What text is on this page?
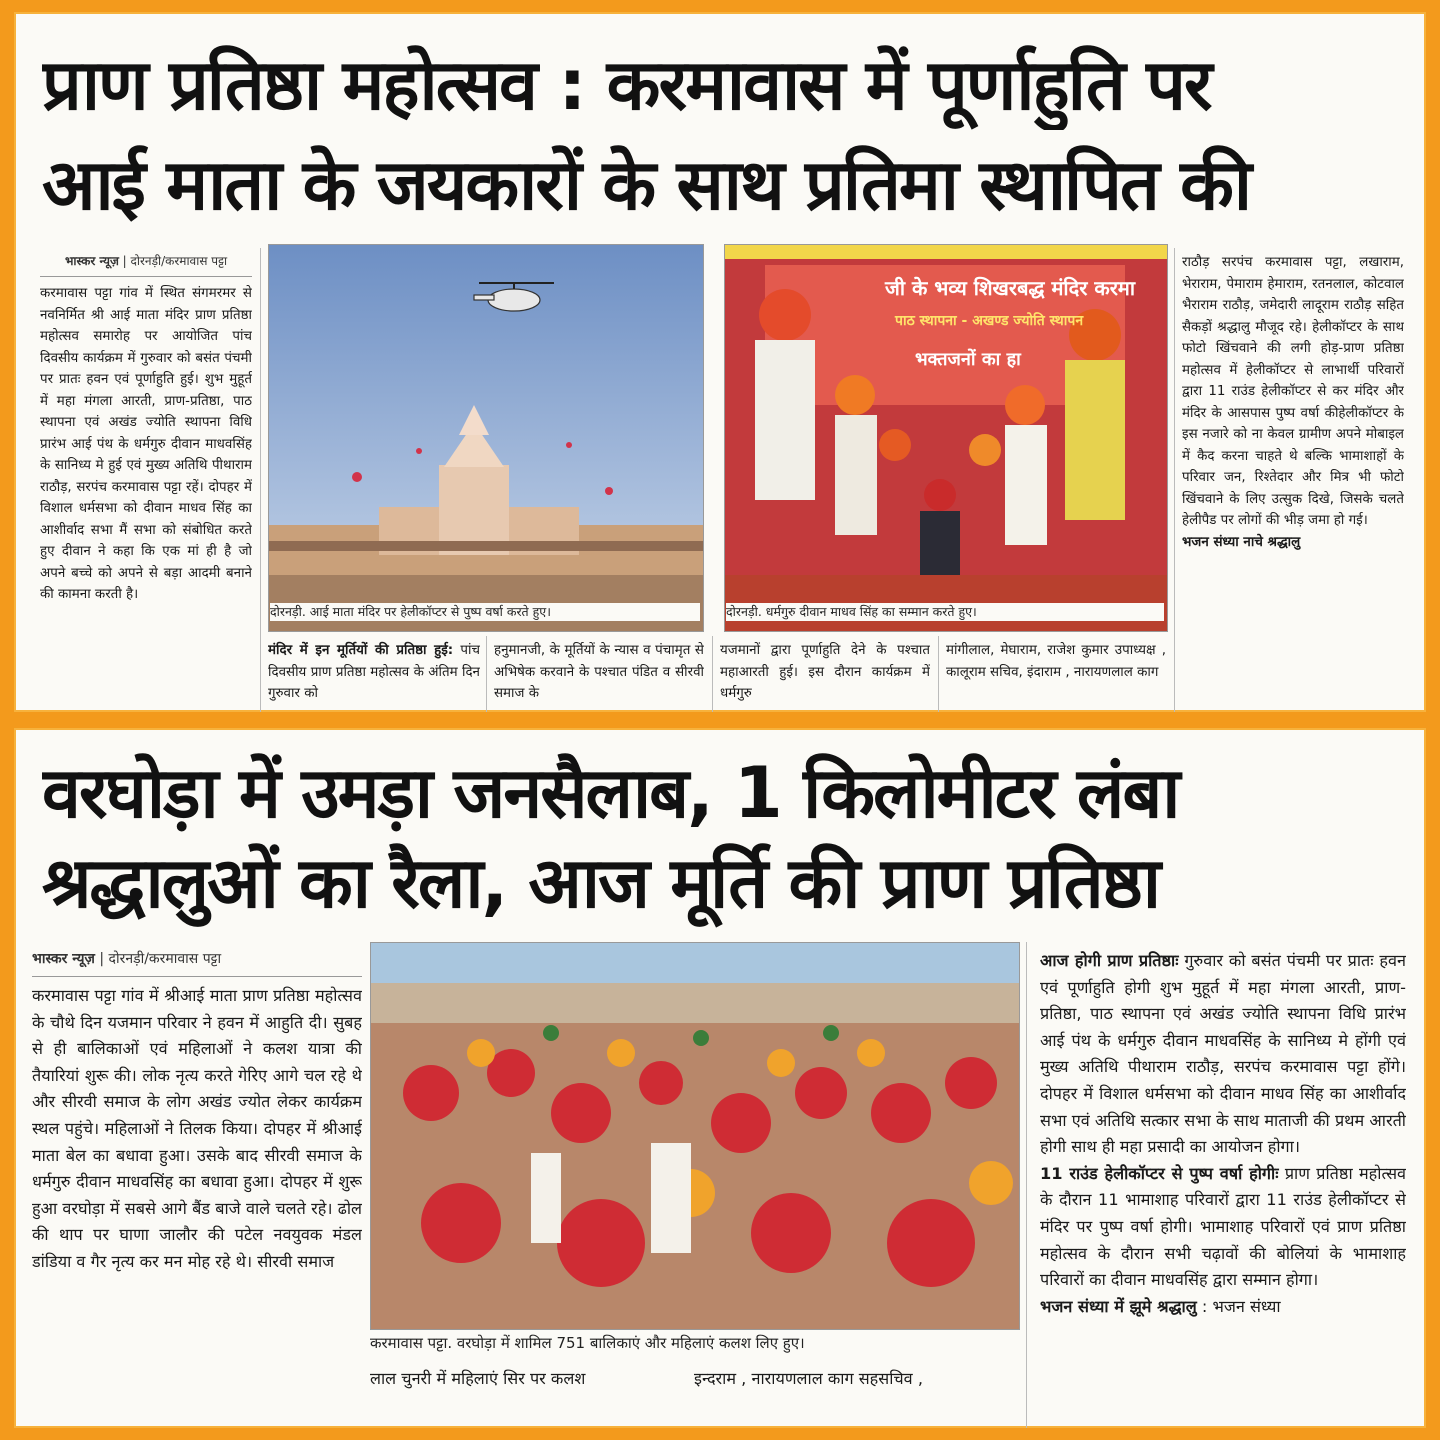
प्राण प्रतिष्ठा महोत्सव : करमावास में पूर्णाहुति पर
आई माता के जयकारों के साथ प्रतिमा स्थापित की
भास्कर न्यूज़ | दोरनड़ी/करमावास पट्टा
करमावास पट्टा गांव में स्थित संगमरमर से नवनिर्मित श्री आई माता मंदिर प्राण प्रतिष्ठा महोत्सव समारोह पर आयोजित पांच दिवसीय कार्यक्रम में गुरुवार को बसंत पंचमी पर प्रातः हवन एवं पूर्णाहुति हुई। शुभ मुहूर्त में महा मंगला आरती, प्राण-प्रतिष्ठा, पाठ स्थापना एवं अखंड ज्योति स्थापना विधि प्रारंभ आई पंथ के धर्मगुरु दीवान माधवसिंह के सानिध्य मे हुई एवं मुख्य अतिथि पीथाराम राठौड़, सरपंच करमावास पट्टा रहें। दोपहर में विशाल धर्मसभा को दीवान माधव सिंह का आशीर्वाद सभा मैं सभा को संबोधित करते हुए दीवान ने कहा कि एक मां ही है जो अपने बच्चे को अपने से बड़ा आदमी बनाने की कामना करती है।
दोरनड़ी. आई माता मंदिर पर हेलीकॉप्टर से पुष्प वर्षा करते हुए।
जी के भव्य शिखरबद्ध मंदिर करमा
पाठ स्थापना - अखण्ड ज्योति स्थापन
भक्तजनों का हा
दोरनड़ी. धर्मगुरु दीवान माधव सिंह का सम्मान करते हुए।
मंदिर में इन मूर्तियों की प्रतिष्ठा हुई: पांच दिवसीय प्राण प्रतिष्ठा महोत्सव के अंतिम दिन गुरुवार को
हनुमानजी, के मूर्तियों के न्यास व पंचामृत से अभिषेक करवाने के पश्चात पंडित व सीरवी समाज के
यजमानों द्वारा पूर्णाहुति देने के पश्चात महाआरती हुई। इस दौरान कार्यक्रम में धर्मगुरु
मांगीलाल, मेघाराम, राजेश कुमार उपाध्यक्ष , कालूराम सचिव, इंदाराम , नारायणलाल काग
राठौड़ सरपंच करमावास पट्टा, लखाराम, भेराराम, पेमाराम हेमाराम, रतनलाल, कोटवाल भैराराम राठौड़, जमेदारी लादूराम राठौड़ सहित सैकड़ों श्रद्धालु मौजूद रहे। हेलीकॉप्टर के साथ फोटो खिंचवाने की लगी होड़-प्राण प्रतिष्ठा महोत्सव में हेलीकॉप्टर से लाभार्थी परिवारों द्वारा 11 राउंड हेलीकॉप्टर से कर मंदिर और मंदिर के आसपास पुष्प वर्षा कीहेलीकॉप्टर के इस नजारे को ना केवल ग्रामीण अपने मोबाइल में कैद करना चाहते थे बल्कि भामाशाहों के परिवार जन, रिश्तेदार और मित्र भी फोटो खिंचवाने के लिए उत्सुक दिखे, जिसके चलते हेलीपैड पर लोगों की भीड़ जमा हो गई।
भजन संध्या नाचे श्रद्धालु
वरघोड़ा में उमड़ा जनसैलाब, 1 किलोमीटर लंबा
श्रद्धालुओं का रैला, आज मूर्ति की प्राण प्रतिष्ठा
भास्कर न्यूज़ | दोरनड़ी/करमावास पट्टा
करमावास पट्टा गांव में श्रीआई माता प्राण प्रतिष्ठा महोत्सव के चौथे दिन यजमान परिवार ने हवन में आहुति दी। सुबह से ही बालिकाओं एवं महिलाओं ने कलश यात्रा की तैयारियां शुरू की। लोक नृत्य करते गेरिए आगे चल रहे थे और सीरवी समाज के लोग अखंड ज्योत लेकर कार्यक्रम स्थल पहुंचे। महिलाओं ने तिलक किया। दोपहर में श्रीआई माता बेल का बधावा हुआ। उसके बाद सीरवी समाज के धर्मगुरु दीवान माधवसिंह का बधावा हुआ। दोपहर में शुरू हुआ वरघोड़ा में सबसे आगे बैंड बाजे वाले चलते रहे। ढोल की थाप पर घाणा जालौर की पटेल नवयुवक मंडल डांडिया व गैर नृत्य कर मन मोह रहे थे। सीरवी समाज
करमावास पट्टा. वरघोड़ा में शामिल 751 बालिकाएं और महिलाएं कलश लिए हुए।
लाल चुनरी में महिलाएं सिर पर कलश	इन्दराम , नारायणलाल काग सहसचिव ,
आज होगी प्राण प्रतिष्ठाः गुरुवार को बसंत पंचमी पर प्रातः हवन एवं पूर्णाहुति होगी शुभ मुहूर्त में महा मंगला आरती, प्राण-प्रतिष्ठा, पाठ स्थापना एवं अखंड ज्योति स्थापना विधि प्रारंभ आई पंथ के धर्मगुरु दीवान माधवसिंह के सानिध्य मे होंगी एवं मुख्य अतिथि पीथाराम राठौड़, सरपंच करमावास पट्टा होंगे। दोपहर में विशाल धर्मसभा को दीवान माधव सिंह का आशीर्वाद सभा एवं अतिथि सत्कार सभा के साथ माताजी की प्रथम आरती होगी साथ ही महा प्रसादी का आयोजन होगा।
11 राउंड हेलीकॉप्टर से पुष्प वर्षा होगीः प्राण प्रतिष्ठा महोत्सव के दौरान 11 भामाशाह परिवारों द्वारा 11 राउंड हेलीकॉप्टर से मंदिर पर पुष्प वर्षा होगी। भामाशाह परिवारों एवं प्राण प्रतिष्ठा महोत्सव के दौरान सभी चढ़ावों की बोलियां के भामाशाह परिवारों का दीवान माधवसिंह द्वारा सम्मान होगा।
भजन संध्या में झूमे श्रद्धालु : भजन संध्या
